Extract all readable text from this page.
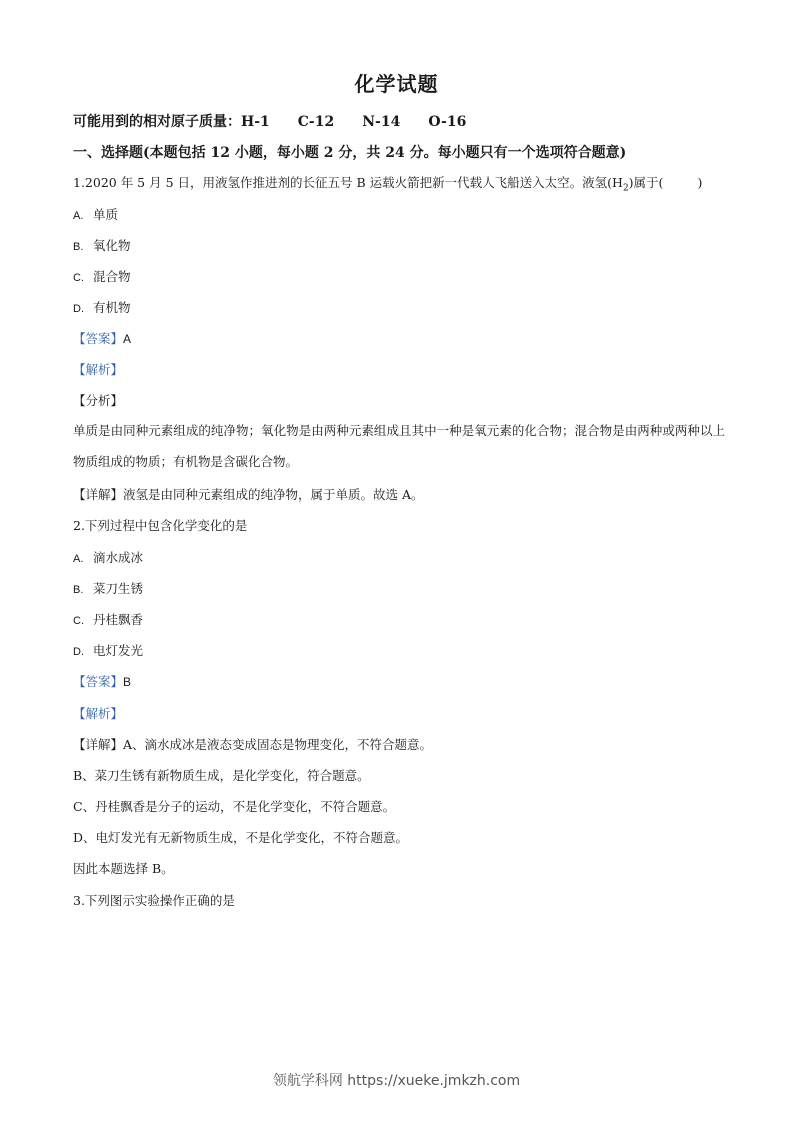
化学试题
可能用到的相对原子质量：H-1 C-12 N-14 O-16
一、选择题(本题包括 12 小题，每小题 2 分，共 24 分。每小题只有一个选项符合题意)
1.2020 年 5 月 5 日，用液氢作推进剂的长征五号 B 运载火箭把新一代载人飞船送入太空。液氢$(H_2)$属于(	)
A. 单质
B. 氧化物
C. 混合物
D. 有机物
【答案】A
【解析】
【分析】
单质是由同种元素组成的纯净物；氧化物是由两种元素组成且其中一种是氧元素的化合物；混合物是由两种或两种以上物质组成的物质；有机物是含碳化合物。
【详解】液氢是由同种元素组成的纯净物，属于单质。故选 A。
2.下列过程中包含化学变化的是
A. 滴水成冰
B. 菜刀生锈
C. 丹桂飘香
D. 电灯发光
【答案】B
【解析】
【详解】A、滴水成冰是液态变成固态是物理变化，不符合题意。
B、菜刀生锈有新物质生成，是化学变化，符合题意。
C、丹桂飘香是分子的运动，不是化学变化，不符合题意。
D、电灯发光有无新物质生成，不是化学变化，不符合题意。
因此本题选择 B。
3.下列图示实验操作正确的是
领航学科网 https://xueke.jmkzh.com
